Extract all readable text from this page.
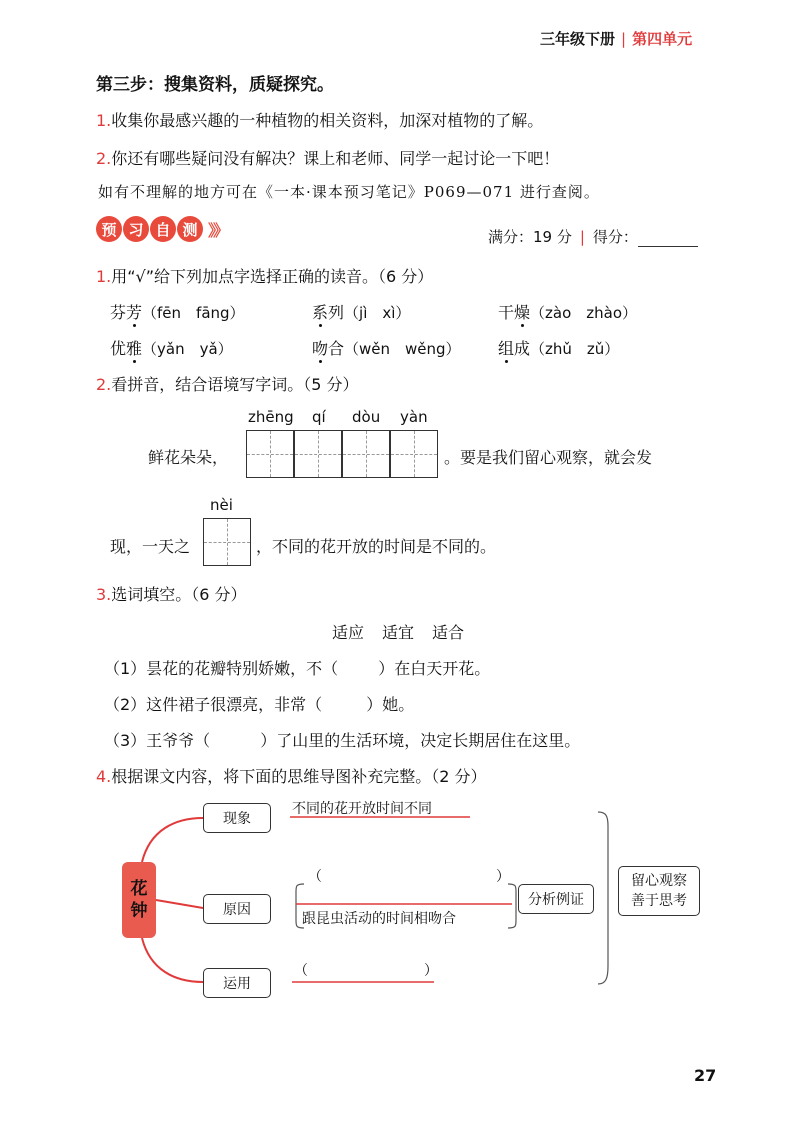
三年级下册 | 第四单元
第三步：搜集资料，质疑探究。
1.收集你最感兴趣的一种植物的相关资料，加深对植物的了解。
2.你还有哪些疑问没有解决？课上和老师、同学一起讨论一下吧！
如有不理解的地方可在《一本·课本预习笔记》P069—071 进行查阅。
预 习 自 测 》》	满分：19 分 | 得分：
1.用“√”给下列加点字选择正确的读音。（6 分）
芬芳（fēn　fāng）	系列（jì　xì）	干燥（zào　zhào）
优雅（yǎn　yǎ）	吻合（wěn　wěng） 组成（zhǔ　zǔ）
2.看拼音，结合语境写字词。（5 分）
zhēng qí dòu yàn
鲜花朵朵，	。要是我们留心观察，就会发
nèi
现，一天之	，不同的花开放的时间是不同的。
3.选词填空。（6 分）
适应 适宜 适合
（1）昙花的花瓣特别娇嫩，不（	）在白天开花。
（2）这件裙子很漂亮，非常（	）她。
（3）王爷爷（	）了山里的生活环境，决定长期居住在这里。
4.根据课文内容，将下面的思维导图补充完整。（2 分）
花
钟
现象
原因
运用
不同的花开放时间不同
（	）
跟昆虫活动的时间相吻合
（	）
分析例证
留心观察
善于思考
27
